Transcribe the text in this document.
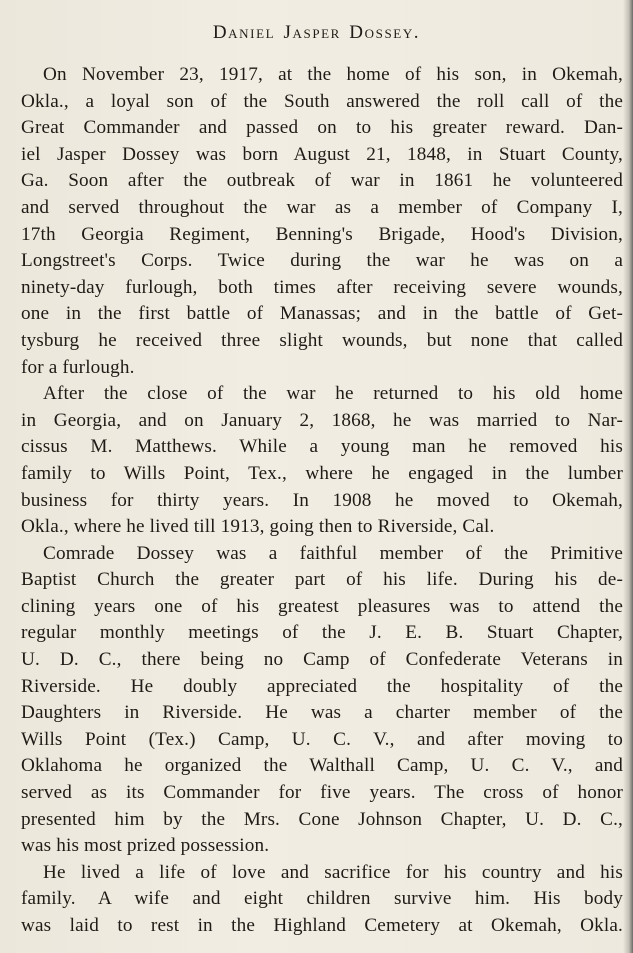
Daniel Jasper Dossey.
On November 23, 1917, at the home of his son, in Okemah,
Okla., a loyal son of the South answered the roll call of the
Great Commander and passed on to his greater reward. Dan-
iel Jasper Dossey was born August 21, 1848, in Stuart County,
Ga. Soon after the outbreak of war in 1861 he volunteered
and served throughout the war as a member of Company I,
17th Georgia Regiment, Benning's Brigade, Hood's Division,
Longstreet's Corps. Twice during the war he was on a
ninety-day furlough, both times after receiving severe wounds,
one in the first battle of Manassas; and in the battle of Get-
tysburg he received three slight wounds, but none that called
for a furlough.
After the close of the war he returned to his old home
in Georgia, and on January 2, 1868, he was married to Nar-
cissus M. Matthews. While a young man he removed his
family to Wills Point, Tex., where he engaged in the lumber
business for thirty years. In 1908 he moved to Okemah,
Okla., where he lived till 1913, going then to Riverside, Cal.
Comrade Dossey was a faithful member of the Primitive
Baptist Church the greater part of his life. During his de-
clining years one of his greatest pleasures was to attend the
regular monthly meetings of the J. E. B. Stuart Chapter,
U. D. C., there being no Camp of Confederate Veterans in
Riverside. He doubly appreciated the hospitality of the
Daughters in Riverside. He was a charter member of the
Wills Point (Tex.) Camp, U. C. V., and after moving to
Oklahoma he organized the Walthall Camp, U. C. V., and
served as its Commander for five years. The cross of honor
presented him by the Mrs. Cone Johnson Chapter, U. D. C.,
was his most prized possession.
He lived a life of love and sacrifice for his country and his
family. A wife and eight children survive him. His body
was laid to rest in the Highland Cemetery at Okemah, Okla.
